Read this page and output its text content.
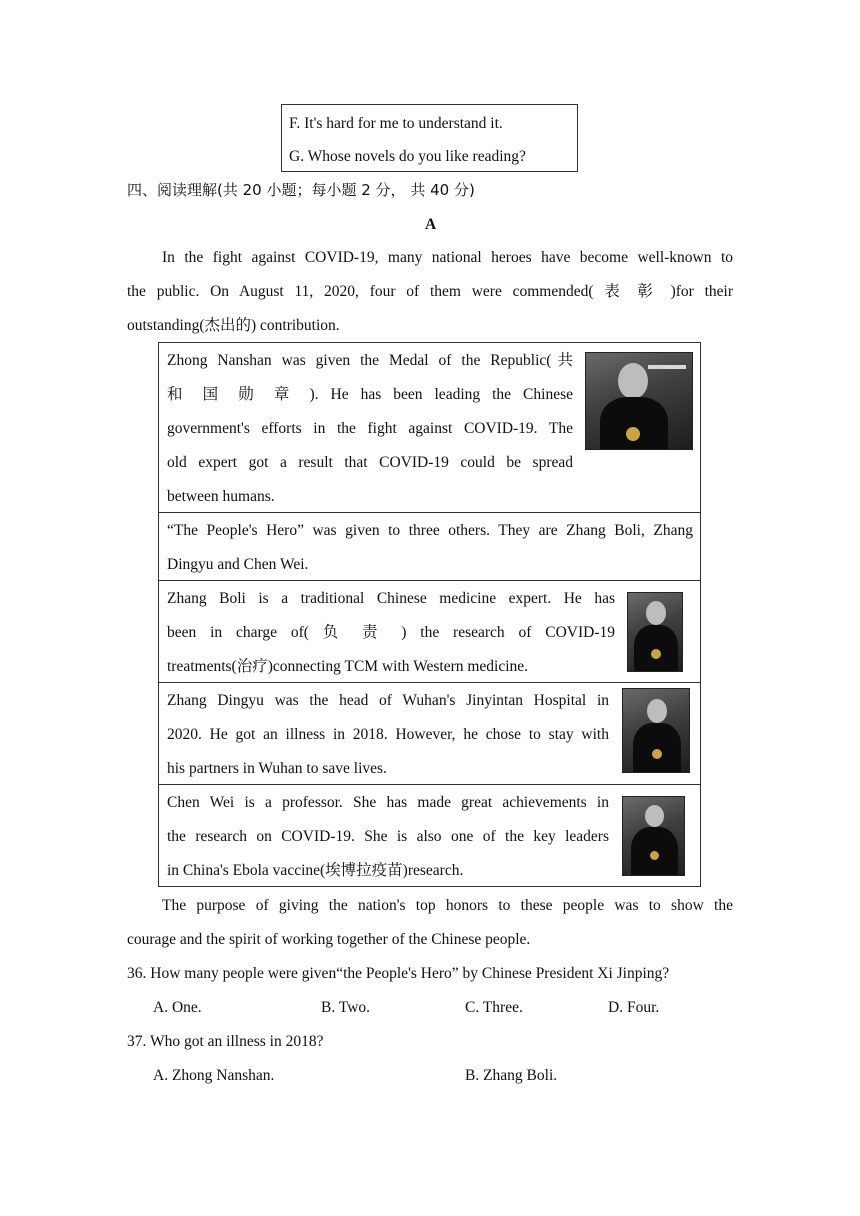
F. It's hard for me to understand it.
G. Whose novels do you like reading?
四、阅读理解(共 20 小题；每小题 2 分， 共 40 分)
A
In the fight against COVID-19, many national heroes have become well-known to
the public. On August 11, 2020, four of them were commended( 表 彰 )for their
outstanding(杰出的) contribution.
Zhong Nanshan was given the Medal of the Republic(共
和 国 勋 章 ). He has been leading the Chinese
government's efforts in the fight against COVID-19. The
old expert got a result that COVID-19 could be spread
between humans.
“The People's Hero” was given to three others. They are Zhang Boli, Zhang
Dingyu and Chen Wei.
Zhang Boli is a traditional Chinese medicine expert. He has
been in charge of( 负 责 ) the research of COVID-19
treatments(治疗)connecting TCM with Western medicine.
Zhang Dingyu was the head of Wuhan's Jinyintan Hospital in
2020. He got an illness in 2018. However, he chose to stay with
his partners in Wuhan to save lives.
Chen Wei is a professor. She has made great achievements in
the research on COVID-19. She is also one of the key leaders
in China's Ebola vaccine(埃博拉疫苗)research.
The purpose of giving the nation's top honors to these people was to show the
courage and the spirit of working together of the Chinese people.
36. How many people were given“the People's Hero” by Chinese President Xi Jinping?
A. One.	B. Two.	C. Three.	D. Four.
37. Who got an illness in 2018?
A. Zhong Nanshan.	B. Zhang Boli.
